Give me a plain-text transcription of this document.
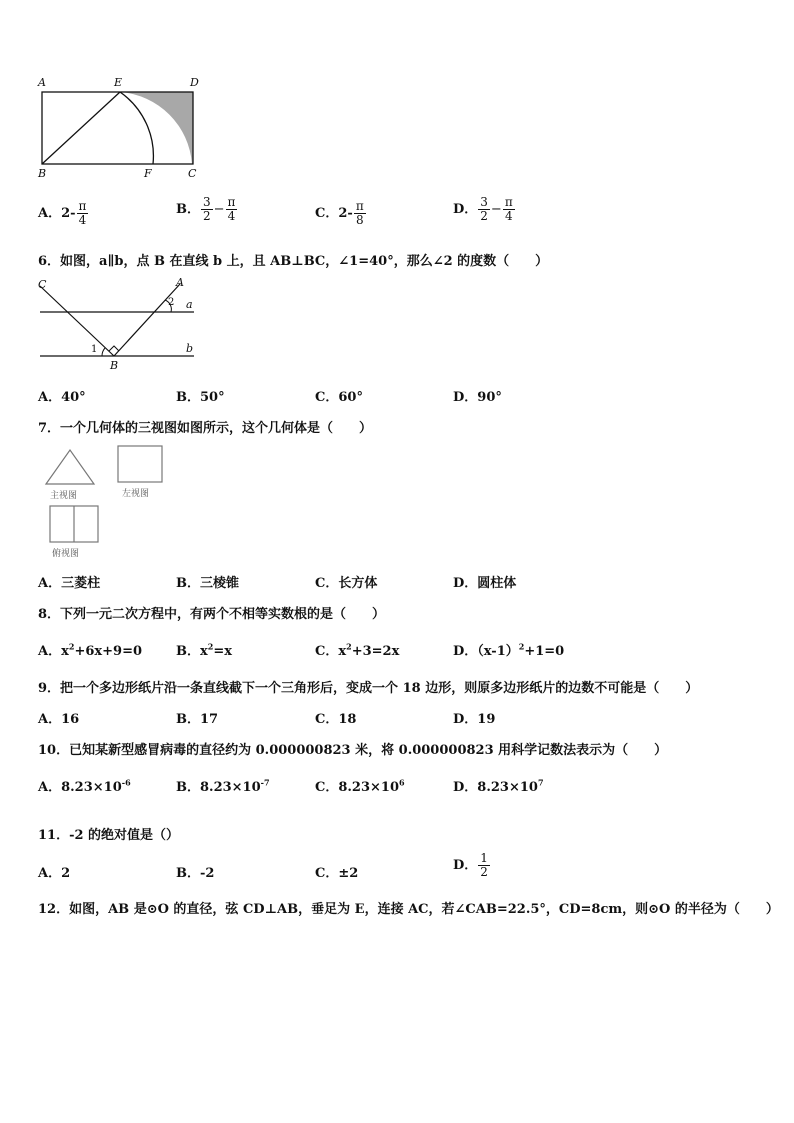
A	E	D
B	F	C
A．$2- \frac{\pi}{4}$	B． $\frac{3}{2} - \frac{\pi}{4}$	C．$2- \frac{\pi}{8}$	D． $\frac{3}{2} - \frac{\pi}{4}$
6．如图，a∥b，点 B 在直线 b 上，且 AB⊥BC，∠1=40°，那么∠2 的度数（　　）
C	A
2 a
1
B
b
A．40°	B．50°	C．60°	D．90°
7．一个几何体的三视图如图所示，这个几何体是（　　）
主视图	左视图
俯视图
A．三菱柱	B．三棱锥	C．长方体	D．圆柱体
8．下列一元二次方程中，有两个不相等实数根的是（　　）
A．$x^2+6x+9=0$	B．$x^2=x$	C．$x^2+3=2x$	D．$(x-1)^2+1=0$
9．把一个多边形纸片沿一条直线截下一个三角形后，变成一个 18 边形，则原多边形纸片的边数不可能是（　　）
A．16	B．17	C．18	D．19
10．已知某新型感冒病毒的直径约为 0.000000823 米，将 0.000000823 用科学记数法表示为（　　）
A．$8.23\times 10^{-6}$	B．$8.23\times 10^{-7}$	C．$8.23\times 10^6$	D．$8.23\times 10^7$
11．-2 的绝对值是（）
A．2	B．-2	C．±2
D． $\frac{1}{2}$
12．如图，AB 是⊙O 的直径，弦 CD⊥AB，垂足为 E，连接 AC，若∠CAB=22.5°，CD=8cm，则⊙O 的半径为（　　）
